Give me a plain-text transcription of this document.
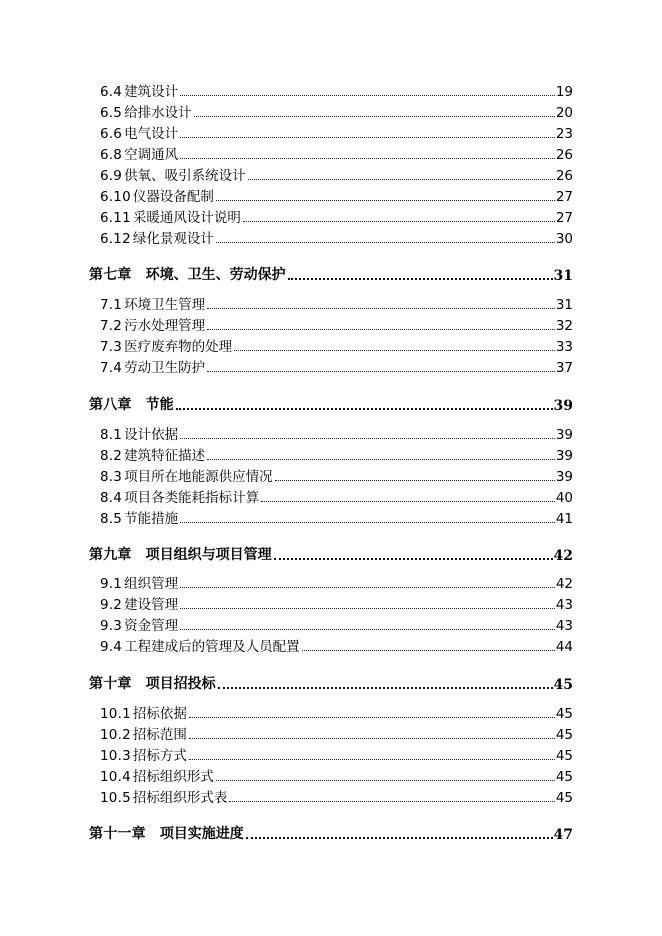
6.4 建筑设计	19
6.5 给排水设计	20
6.6 电气设计	23
6.8 空调通风	26
6.9 供氧、吸引系统设计	26
6.10 仪器设备配制	27
6.11 采暖通风设计说明	27
6.12 绿化景观设计	30
第七章 环境、卫生、劳动保护	31
7.1 环境卫生管理	31
7.2 污水处理管理	32
7.3 医疗废弃物的处理	33
7.4 劳动卫生防护	37
第八章 节能	39
8.1 设计依据	39
8.2 建筑特征描述	39
8.3 项目所在地能源供应情况	39
8.4 项目各类能耗指标计算	40
8.5 节能措施	41
第九章 项目组织与项目管理	42
9.1 组织管理	42
9.2 建设管理	43
9.3 资金管理	43
9.4 工程建成后的管理及人员配置	44
第十章 项目招投标	45
10.1 招标依据	45
10.2 招标范围	45
10.3 招标方式	45
10.4 招标组织形式	45
10.5 招标组织形式表	45
第十一章 项目实施进度	47
